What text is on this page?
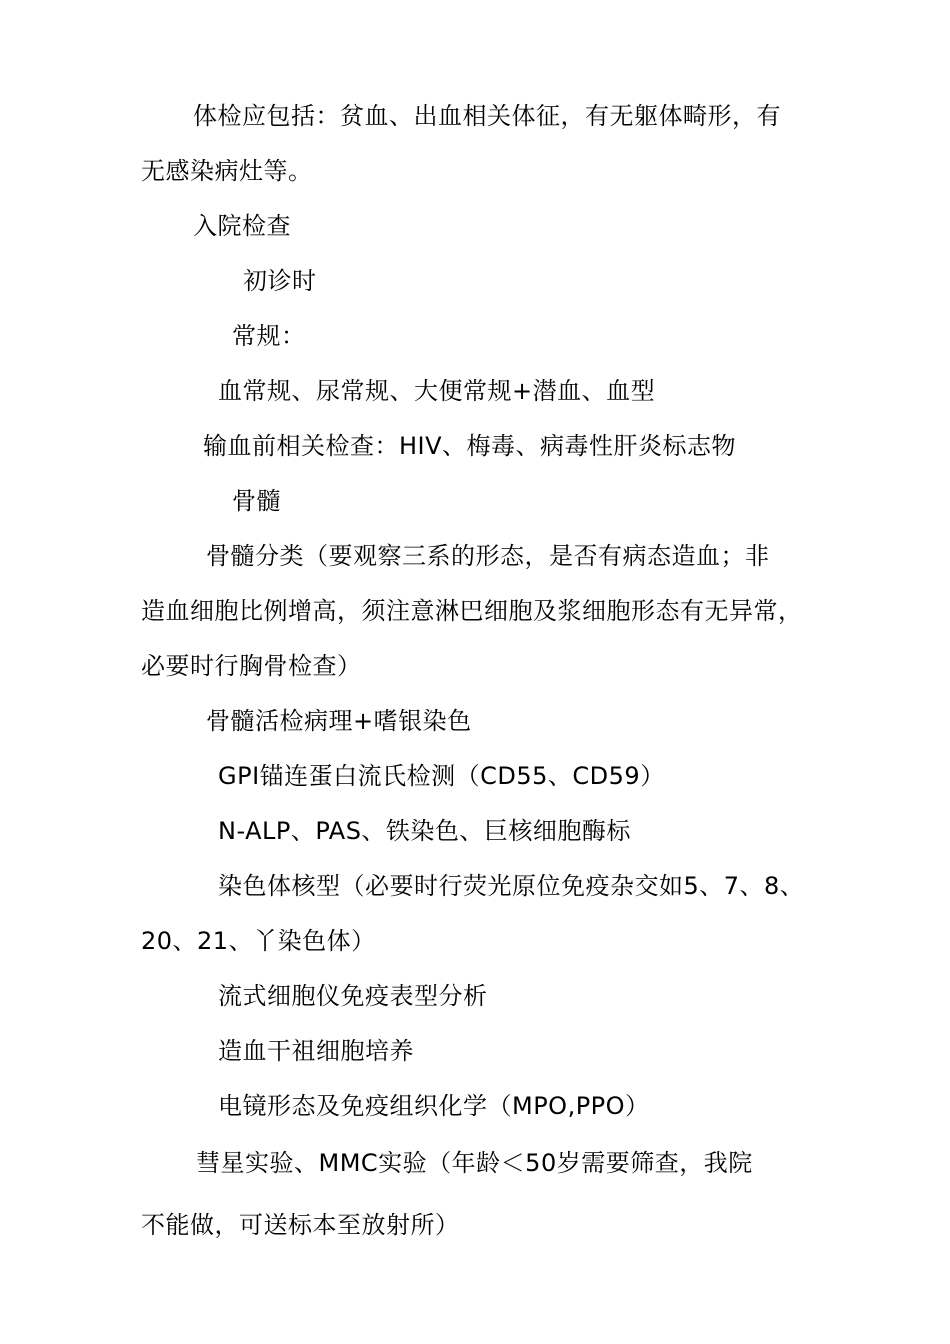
体检应包括：贫血、出血相关体征，有无躯体畸形，有
无感染病灶等。
入院检查
初诊时
常规：
血常规、尿常规、大便常规+潜血、血型
输血前相关检查：HIV、梅毒、病毒性肝炎标志物
骨髓
骨髓分类（要观察三系的形态，是否有病态造血；非
造血细胞比例增高，须注意淋巴细胞及浆细胞形态有无异常，
必要时行胸骨检查）
骨髓活检病理+嗜银染色
GPI锚连蛋白流氏检测（CD55、CD59）
N-ALP、PAS、铁染色、巨核细胞酶标
染色体核型（必要时行荧光原位免疫杂交如5、7、8、
20、21、丫染色体）
流式细胞仪免疫表型分析
造血干祖细胞培养
电镜形态及免疫组织化学（MPO,PPO）
彗星实验、MMC实验（年龄＜50岁需要筛查，我院
不能做，可送标本至放射所）
